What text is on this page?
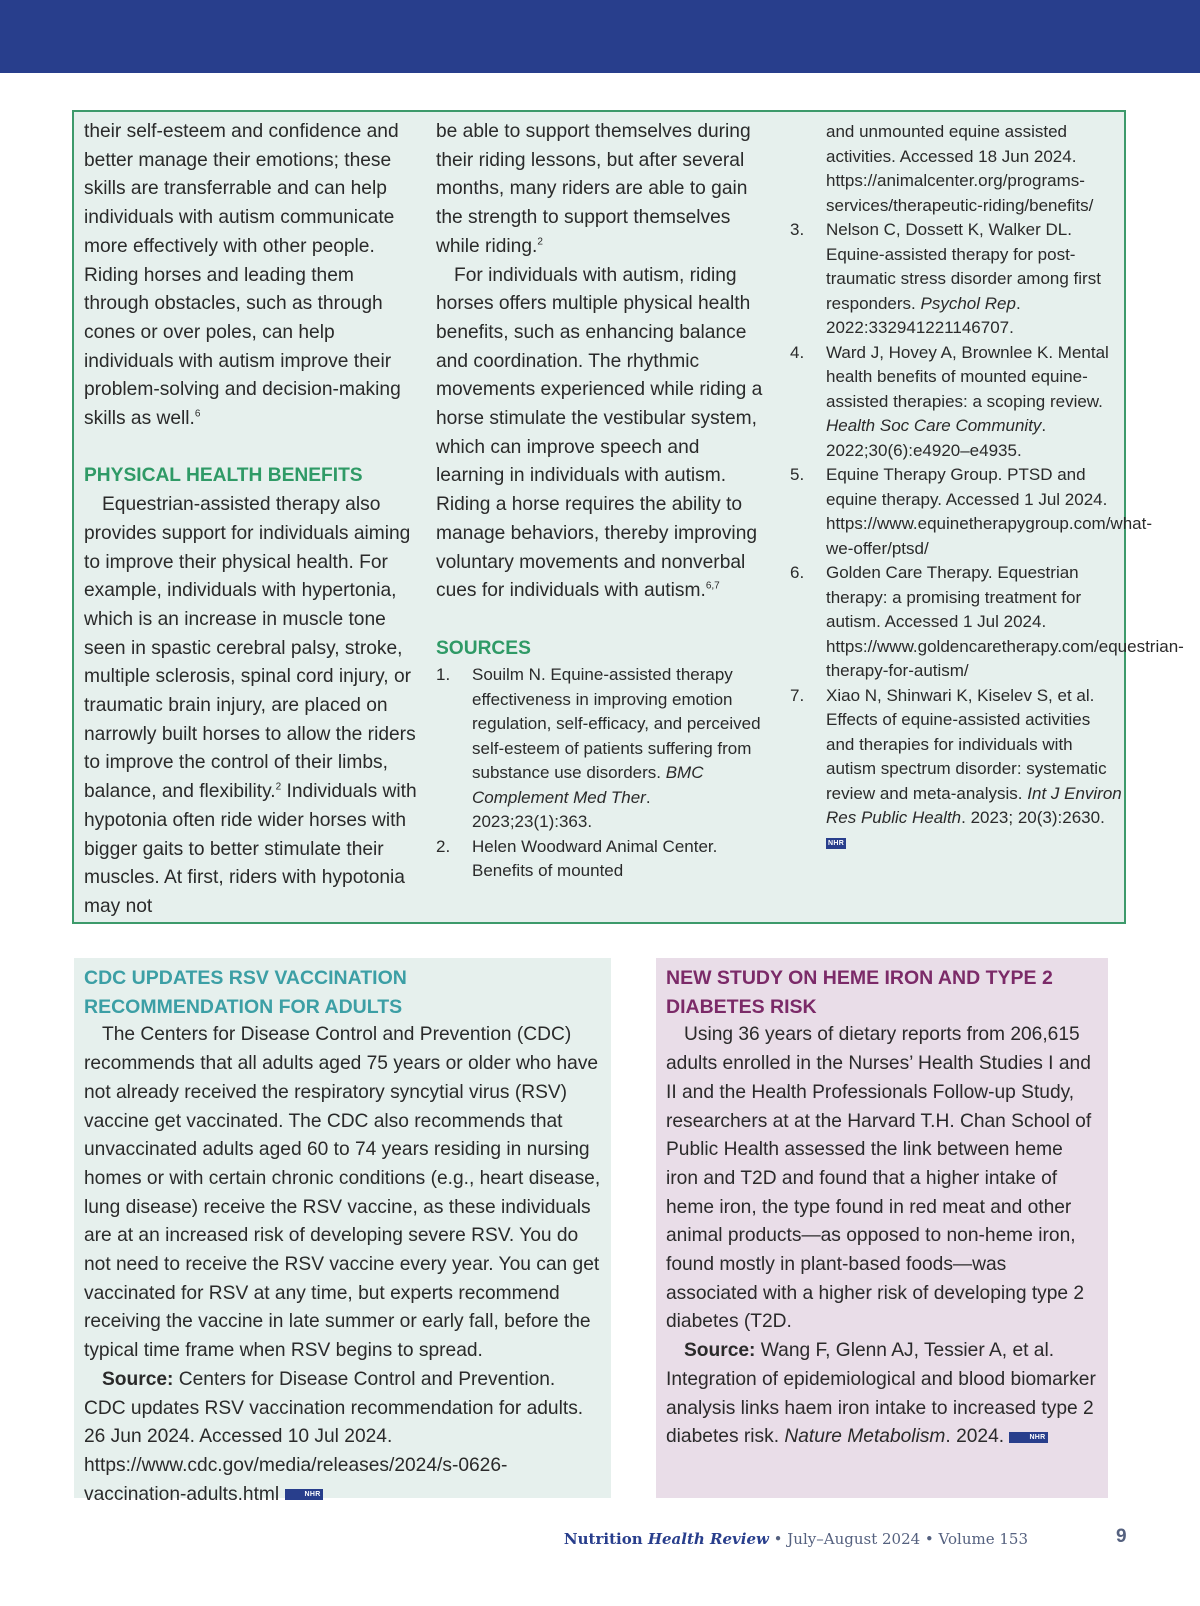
their self-esteem and confidence and better manage their emotions; these skills are transferrable and can help individuals with autism communicate more effectively with other people. Riding horses and leading them through obstacles, such as through cones or over poles, can help individuals with autism improve their problem-solving and decision-making skills as well.$^6$

PHYSICAL HEALTH BENEFITS

Equestrian-assisted therapy also provides support for individuals aiming to improve their physical health. For example, individuals with hypertonia, which is an increase in muscle tone seen in spastic cerebral palsy, stroke, multiple sclerosis, spinal cord injury, or traumatic brain injury, are placed on narrowly built horses to allow the riders to improve the control of their limbs, balance, and flexibility.$^2$ Individuals with hypotonia often ride wider horses with bigger gaits to better stimulate their muscles. At first, riders with hypotonia may not

be able to support themselves during their riding lessons, but after several months, many riders are able to gain the strength to support themselves while riding.$^2$

For individuals with autism, riding horses offers multiple physical health benefits, such as enhancing balance and coordination. The rhythmic movements experienced while riding a horse stimulate the vestibular system, which can improve speech and learning in individuals with autism. Riding a horse requires the ability to manage behaviors, thereby improving voluntary movements and nonverbal cues for individuals with autism.$^{6,7}$

SOURCES

1. Souilm N. Equine-assisted therapy effectiveness in improving emotion regulation, self-efficacy, and perceived self-esteem of patients suffering from substance use disorders. BMC Complement Med Ther. 2023;23(1):363.
2. Helen Woodward Animal Center. Benefits of mounted
and unmounted equine assisted activities. Accessed 18 Jun 2024. https://animalcenter.org/programs-services/therapeutic-riding/benefits/
3. Nelson C, Dossett K, Walker DL. Equine-assisted therapy for post-traumatic stress disorder among first responders. Psychol Rep. 2022:332941221146707.
4. Ward J, Hovey A, Brownlee K. Mental health benefits of mounted equine-assisted therapies: a scoping review. Health Soc Care Community. 2022;30(6):e4920–e4935.
5. Equine Therapy Group. PTSD and equine therapy. Accessed 1 Jul 2024. https://www.equinetherapygroup.com/what-we-offer/ptsd/
6. Golden Care Therapy. Equestrian therapy: a promising treatment for autism. Accessed 1 Jul 2024. https://www.goldencaretherapy.com/equestrian-therapy-for-autism/
7. Xiao N, Shinwari K, Kiselev S, et al. Effects of equine-assisted activities and therapies for individuals with autism spectrum disorder: systematic review and meta-analysis. Int J Environ Res Public Health. 2023; 20(3):2630. NHR

CDC UPDATES RSV VACCINATION RECOMMENDATION FOR ADULTS

The Centers for Disease Control and Prevention (CDC) recommends that all adults aged 75 years or older who have not already received the respiratory syncytial virus (RSV) vaccine get vaccinated. The CDC also recommends that unvaccinated adults aged 60 to 74 years residing in nursing homes or with certain chronic conditions (e.g., heart disease, lung disease) receive the RSV vaccine, as these individuals are at an increased risk of developing severe RSV. You do not need to receive the RSV vaccine every year. You can get vaccinated for RSV at any time, but experts recommend receiving the vaccine in late summer or early fall, before the typical time frame when RSV begins to spread.

Source: Centers for Disease Control and Prevention. CDC updates RSV vaccination recommendation for adults. 26 Jun 2024. Accessed 10 Jul 2024. https://www.cdc.gov/media/releases/2024/s-0626-vaccination-adults.html	NHR

NEW STUDY ON HEME IRON AND TYPE 2 DIABETES RISK

Using 36 years of dietary reports from 206,615 adults enrolled in the Nurses’ Health Studies I and II and the Health Professionals Follow-up Study, researchers at at the Harvard T.H. Chan School of Public Health assessed the link between heme iron and T2D and found that a higher intake of heme iron, the type found in red meat and other animal products—as opposed to non-heme iron, found mostly in plant-based foods—was associated with a higher risk of developing type 2 diabetes (T2D.

Source: Wang F, Glenn AJ, Tessier A, et al. Integration of epidemiological and blood biomarker analysis links haem iron intake to increased type 2 diabetes risk. Nature Metabolism. 2024.	NHR

Nutrition Health Review • July–August 2024 • Volume 153	9
